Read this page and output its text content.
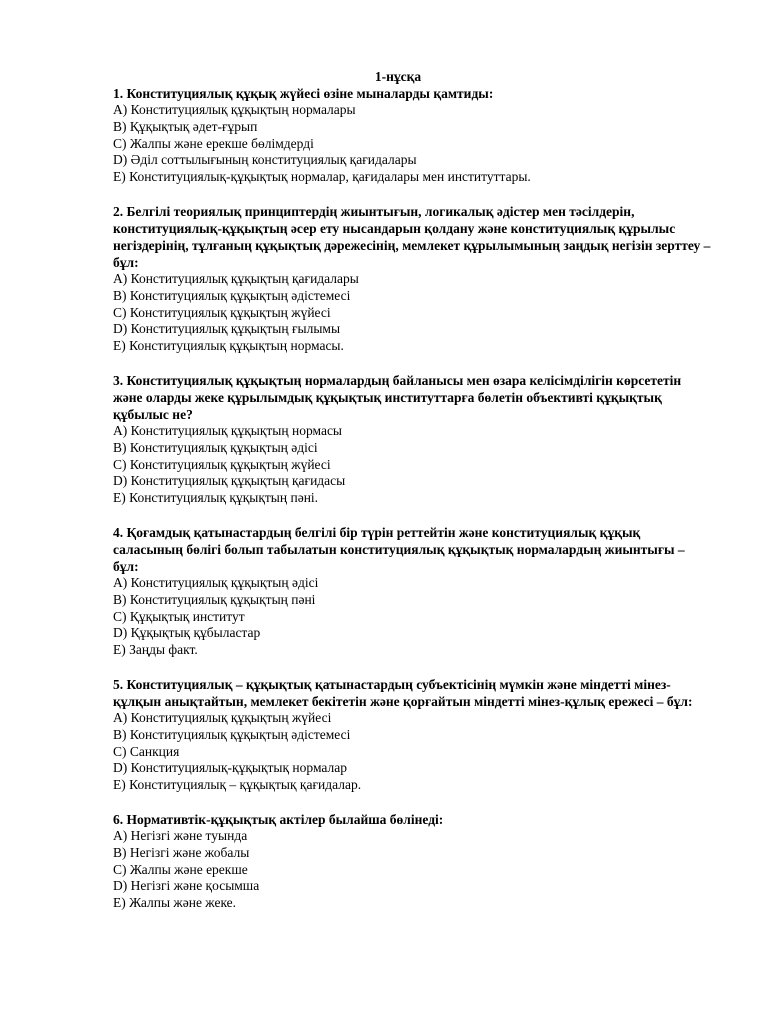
1-нұсқа

1. Конституциялық құқық жүйесі өзіне мыналарды қамтиды:

A) Конституциялық құқықтың нормалары
B) Құқықтық әдет-ғұрып
C) Жалпы және ерекше бөлімдерді
D) Әділ соттылығының конституциялық қағидалары
E) Конституциялық-құқықтық нормалар, қағидалары мен институттары.

2. Белгілі теориялық принциптердің жиынтығын, логикалық әдістер мен тәсілдерін, конституциялық-құқықтың әсер ету нысандарын қолдану және конституциялық құрылыс негіздерінің, тұлғаның құқықтық дәрежесінің, мемлекет құрылымының заңдық негізін зерттеу – бұл:

A) Конституциялық құқықтың қағидалары
B) Конституциялық құқықтың әдістемесі
C) Конституциялық құқықтың жүйесі
D) Конституциялық құқықтың ғылымы
E) Конституциялық құқықтың нормасы.

3. Конституциялық құқықтың нормалардың байланысы мен өзара келісімділігін көрсететін және оларды жеке құрылымдық құқықтық институттарға бөлетін объективті құқықтық құбылыс не?

A) Конституциялық құқықтың нормасы
B) Конституциялық құқықтың әдісі
C) Конституциялық құқықтың жүйесі
D) Конституциялық құқықтың қағидасы
E) Конституциялық құқықтың пәні.

4. Қоғамдық қатынастардың белгілі бір түрін реттейтін және конституциялық құқық саласының бөлігі болып табылатын конституциялық құқықтық нормалардың жиынтығы – бұл:

A) Конституциялық құқықтың әдісі
B) Конституциялық құқықтың пәні
C) Құқықтық институт
D) Құқықтық құбыластар
E) Заңды факт.

5. Конституциялық – құқықтық қатынастардың субъектісінің мүмкін және міндетті мінез-құлқын анықтайтын, мемлекет бекітетін және қорғайтын міндетті мінез-құлық ережесі – бұл:

A) Конституциялық құқықтың жүйесі
B) Конституциялық құқықтың әдістемесі
C) Санкция
D) Конституциялық-құқықтық нормалар
E) Конституциялық – құқықтық қағидалар.

6. Нормативтік-құқықтық актілер былайша бөлінеді:

A) Негізгі және туында
B) Негізгі және жобалы
C) Жалпы және ерекше
D) Негізгі және қосымша
E) Жалпы және жеке.
